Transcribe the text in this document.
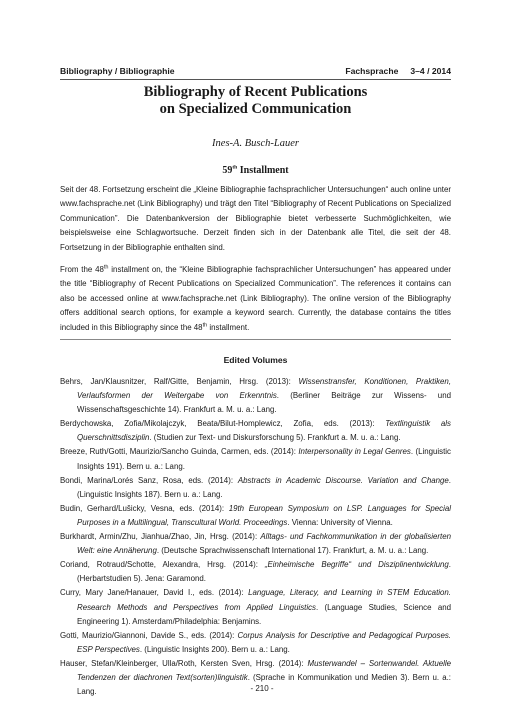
Bibliography / Bibliographie	Fachsprache 3–4 / 2014
Bibliography of Recent Publications
on Specialized Communication
Ines-A. Busch-Lauer
59th Installment
Seit der 48. Fortsetzung erscheint die „Kleine Bibliographie fachsprachlicher Untersuchungen“ auch online unter www.fachsprache.net (Link Bibliography) und trägt den Titel “Bibliography of Recent Publications on Specialized Communication”. Die Datenbankversion der Bibliographie bietet verbesserte Suchmöglichkeiten, wie beispielsweise eine Schlagwortsuche. Derzeit finden sich in der Datenbank alle Titel, die seit der 48. Fortsetzung in der Bibliographie enthalten sind.
From the 48th installment on, the “Kleine Bibliographie fachsprachlicher Untersuchungen” has appeared under the title “Bibliography of Recent Publications on Specialized Communication”. The references it contains can also be accessed online at www.fachsprache.net (Link Bibliography). The online version of the Bibliography offers additional search options, for example a keyword search. Currently, the database contains the titles included in this Bibliography since the 48th installment.
Edited Volumes
Behrs, Jan/Klausnitzer, Ralf/Gitte, Benjamin, Hrsg. (2013): Wissenstransfer, Konditionen, Praktiken, Verlaufsformen der Weitergabe von Erkenntnis. (Berliner Beiträge zur Wissens- und Wissenschaftsgeschichte 14). Frankfurt a. M. u. a.: Lang.
Berdychowska, Zofia/Mikolajczyk, Beata/Bilut-Homplewicz, Zofia, eds. (2013): Textlinguistik als Querschnittsdisziplin. (Studien zur Text- und Diskursforschung 5). Frankfurt a. M. u. a.: Lang.
Breeze, Ruth/Gotti, Maurizio/Sancho Guinda, Carmen, eds. (2014): Interpersonality in Legal Genres. (Linguistic Insights 191). Bern u. a.: Lang.
Bondi, Marina/Lorés Sanz, Rosa, eds. (2014): Abstracts in Academic Discourse. Variation and Change. (Linguistic Insights 187). Bern u. a.: Lang.
Budin, Gerhard/Lušicky, Vesna, eds. (2014): 19th European Symposium on LSP. Languages for Special Purposes in a Multilingual, Transcultural World. Proceedings. Vienna: University of Vienna.
Burkhardt, Armin/Zhu, Jianhua/Zhao, Jin, Hrsg. (2014): Alltags- und Fachkommunikation in der globalisierten Welt: eine Annäherung. (Deutsche Sprachwissenschaft International 17). Frankfurt, a. M. u. a.: Lang.
Coriand, Rotraud/Schotte, Alexandra, Hrsg. (2014): „Einheimische Begriffe“ und Disziplinentwicklung. (Herbartstudien 5). Jena: Garamond.
Curry, Mary Jane/Hanauer, David I., eds. (2014): Language, Literacy, and Learning in STEM Education. Research Methods and Perspectives from Applied Linguistics. (Language Studies, Science and Engineering 1). Amsterdam/Philadelphia: Benjamins.
Gotti, Maurizio/Giannoni, Davide S., eds. (2014): Corpus Analysis for Descriptive and Pedagogical Purposes. ESP Perspectives. (Linguistic Insights 200). Bern u. a.: Lang.
Hauser, Stefan/Kleinberger, Ulla/Roth, Kersten Sven, Hrsg. (2014): Musterwandel – Sortenwandel. Aktuelle Tendenzen der diachronen Text(sorten)linguistik. (Sprache in Kommunikation und Medien 3). Bern u. a.: Lang.	- 210 -
